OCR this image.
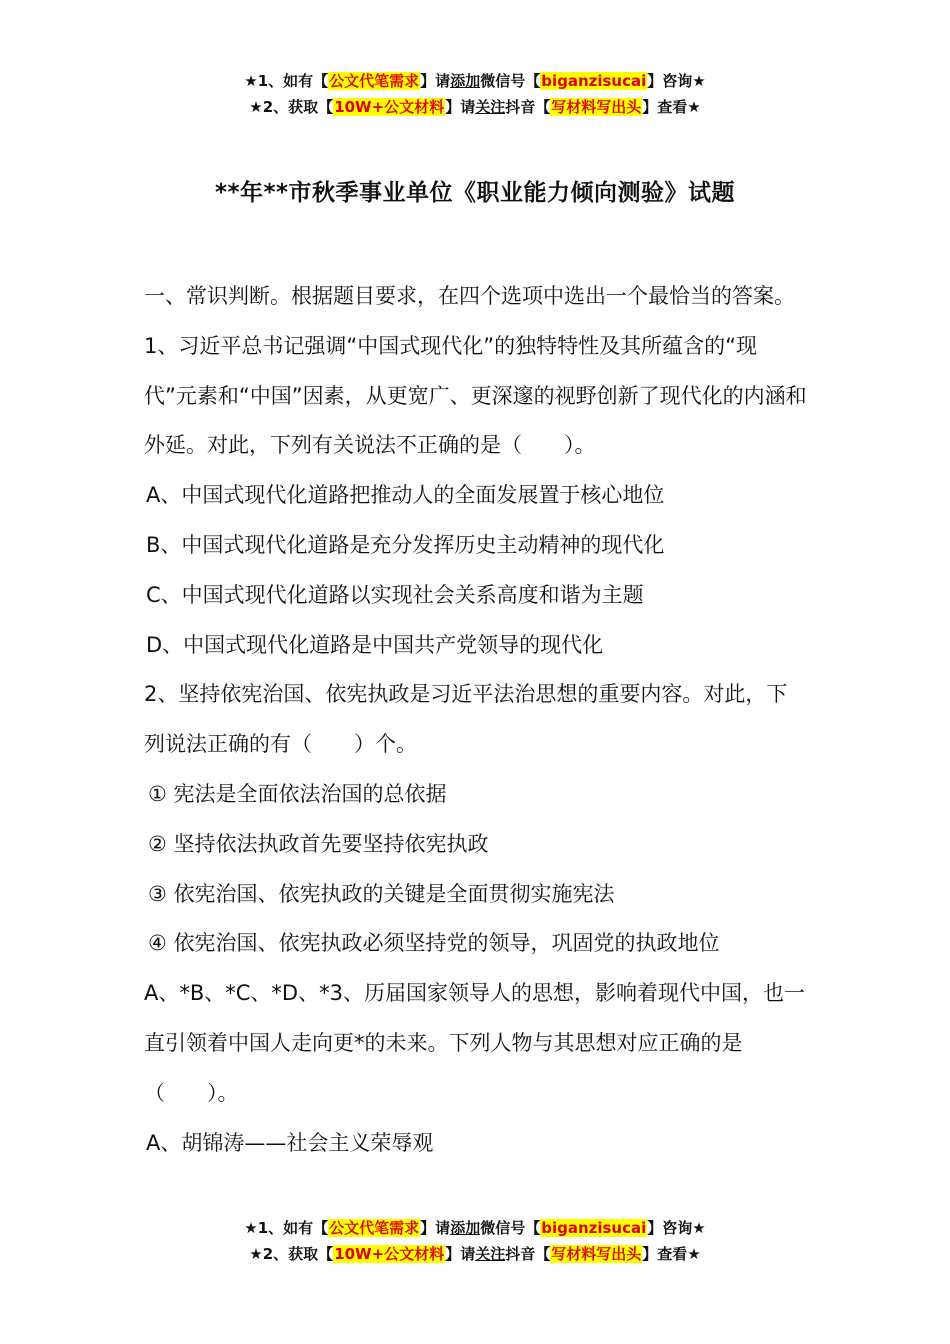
★1、如有【公文代笔需求】请添加微信号【biganzisucai】咨询★
★2、获取【10W+公文材料】请关注抖音【写材料写出头】查看★
**年**市秋季事业单位《职业能力倾向测验》试题

一、常识判断。根据题目要求，在四个选项中选出一个最恰当的答案。

1、习近平总书记强调“中国式现代化”的独特特性及其所蕴含的“现代”元素和“中国”因素，从更宽广、更深邃的视野创新了现代化的内涵和外延。对此，下列有关说法不正确的是（　　）。

A、中国式现代化道路把推动人的全面发展置于核心地位

B、中国式现代化道路是充分发挥历史主动精神的现代化

C、中国式现代化道路以实现社会关系高度和谐为主题

D、中国式现代化道路是中国共产党领导的现代化

2、坚持依宪治国、依宪执政是习近平法治思想的重要内容。对此，下列说法正确的有（　　）个。

① 宪法是全面依法治国的总依据

② 坚持依法执政首先要坚持依宪执政

③ 依宪治国、依宪执政的关键是全面贯彻实施宪法

④ 依宪治国、依宪执政必须坚持党的领导，巩固党的执政地位

A、*B、*C、*D、*3、历届国家领导人的思想，影响着现代中国，也一直引领着中国人走向更*的未来。下列人物与其思想对应正确的是（　　）。

A、胡锦涛——社会主义荣辱观

★1、如有【公文代笔需求】请添加微信号【biganzisucai】咨询★
★2、获取【10W+公文材料】请关注抖音【写材料写出头】查看★
